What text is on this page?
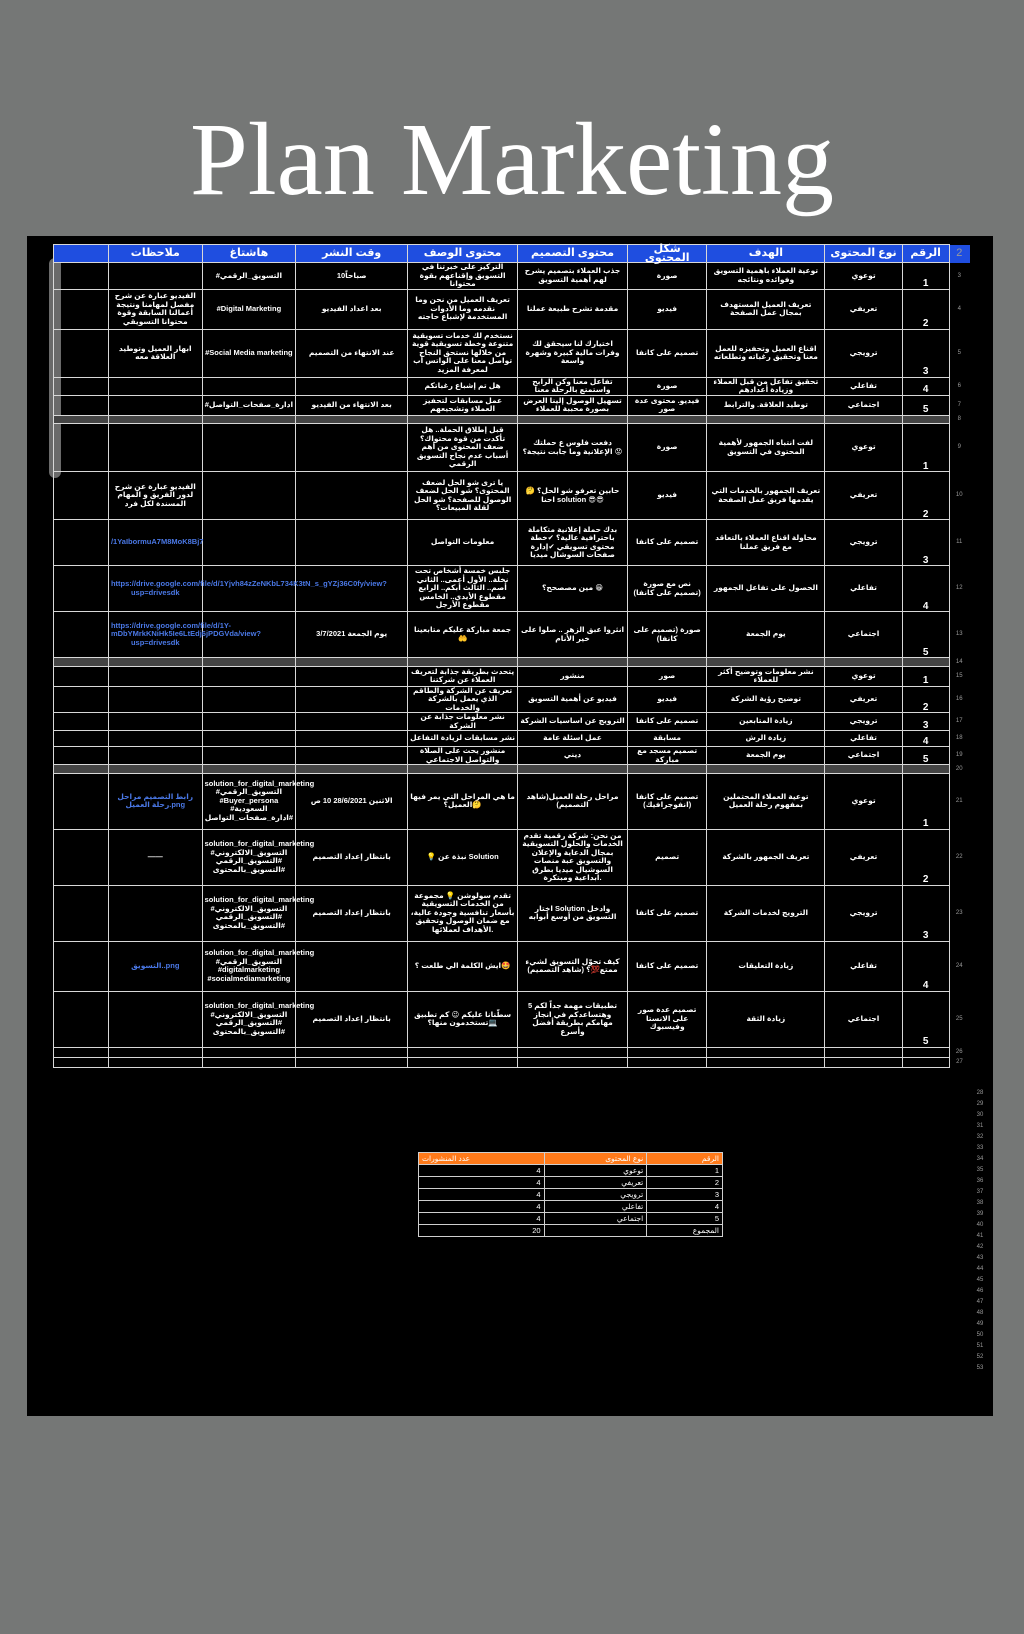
Plan Marketing
	ملاحظات	هاشتاغ	وقت النشر	محتوى الوصف	محتوى التصميم	شكل المحتوى	الهدف	نوع المحتوى	الرقم	2
		#التسويق_الرقمي	10صباحاً	التركيز على خبرتنا في التسويق وإقناعهم بقوة محتوانا	جذب العملاء بتصميم يشرح لهم أهمية التسويق	صورة	توعية العملاء باهمية التسويق وفوائده ونتائجه	توعوي	1	3
	الفيديو عبارة عن شرح مفصل لمهامنا ونتيجة أعمالنا السابقة وقوة محتوانا التسويقي	#Digital Marketing	بعد اعداد الفيديو	تعريف العميل من نحن وما نقدمه وما الأدوات المستخدمة لإشباع حاجته	مقدمة تشرح طبيعة عملنا	فيديو	تعريف العميل المستهدف بمجال عمل الصفحة	تعريفي	2	4
	ابهار العميل وتوطيد العلاقة معه	#Social Media marketing	عند الانتهاء من التصميم	نستخدم لك خدمات تسويقية متنوعة وخطة تسويقية قوية من خلالها نستحق النجاح تواصل معنا على الواتس أب لمعرفة المزيد	اختيارك لنا سيحقق لك وفرات مالية كبيرة وشهرة واسعة	تصميم على كانفا	اقناع العميل وتحفيزه للعمل معنا وتحقيق رغباته وتطلعاته	ترويجي	3	5
				هل تم إشباع رغباتكم	تفاعل معنا وكن الرابح واستمتع بالرحلة معنا	صورة	تحقيق تفاعل من قبل العملاء وزيادة أعدادهم	تفاعلي	4	6
		#ادارة_صفحات_التواصل	بعد الانتهاء من الفيديو	عمل مسابقات لتحفيز العملاء وتشجيعهم	تسهيل الوصول إلينا العرض بصورة محببة للعملاء	فيديو. محتوى عدة صور	توطيد العلاقة. والترابط	اجتماعي	5	7
										8
				قبل إطلاق الحملة.. هل تأكدت من قوة محتواك؟ ضعف المحتوى من أهم أسباب عدم نجاح التسويق الرقمي	دفعت فلوس ع حملتك الإعلانية وما جابت نتيجة؟ 😟	صورة	لفت انتباه الجمهور لأهمية المحتوى في التسويق	توعوي	1	9
	الفيديو عبارة عن شرح لدور الفريق و المهام المسندة لكل فرد			يا ترى شو الحل لضعف المحتوى؟ شو الحل لضعف الوصول للصفحة؟ شو الحل لقلة المبيعات؟	حابين تعرفو شو الحل؟ 🤔 احنا solution 😎😎	فيديو	تعريف الجمهور بالخدمات التي يقدمها فريق عمل الصفحة	تعريفي	2	10
	/1YaIbormuA7M8MoK8Bj7			معلومات التواصل	بدك حملة إعلانية متكاملة باحترافية عالية؟ ✔خطة محتوى تسويقي ✔إدارة صفحات السوشال ميديا	تصميم على كانفا	محاولة اقناع العملاء بالتعاقد مع فريق عملنا	ترويجي	3	11
	https://drive.google.com/file/d/1Yjvh84zZeNKbL734K3tN_s_gYZj36C0fy/view?usp=drivesdk			جلبس خمسة أشخاص تحت نخلة.. الأول أعمى.. الثاني أصم.. الثالث أبكم.. الرابع مقطوع الأيدي.. الخامس مقطوع الأرجل	مين مصصحح؟ 😁	نص مع صورة (تصميم على كانفا)	الحصول على تفاعل الجمهور	تفاعلي	4	12
	https://drive.google.com/file/d/1Y-mDbYMrkKNiHk5Ie6LtEdj6jPDGVda/view?usp=drivesdk		يوم الجمعة 3/7/2021	جمعة مباركة عليكم متابعينا 🤲	انثروا عبق الزهر .. صلوا على خير الأنام	صورة (تصميم على كانفا)	يوم الجمعة	اجتماعي	5	13
										14
				يتحدث بطريقة جذابة لتعريف العملاء عن شركتنا	منشور	صور	نشر معلومات وتوضيح أكثر للعملاء	توعوي	1	15
				تعريف عن الشركة والطاقم الذي يعمل بالشركة والخدمات	فيديو عن أهمية التسويق	فيديو	توضيح رؤية الشركة	تعريفي	2	16
				نشر معلومات جذابة عن الشركة	الترويج عن اساسيات الشركة	تصميم على كانفا	زيادة المتابعين	ترويجي	3	17
				نشر مسابقات لزيادة التفاعل	عمل اسئلة عامة	مسابقة	زيادة الرش	تفاعلي	4	18
				منشور يحث على الصلاة والتواصل الاجتماعي	ديني	تصميم مسجد مع مباركة	يوم الجمعة	اجتماعي	5	19
										20
	رابط التصميم مراحل رحلة العميل.png	solution_for_digital_marketing #التسويق_الرقمي #Buyer_persona #السعودية #ادارة_صفحات_التواصل	الاثنين 28/6/2021 10 ص	ما هي المراحل التي يمر فيها العميل؟🤔	مراحل رحلة العميل(شاهد التصميم)	تصميم على كانفا (انفوجرافيك)	توعية العملاء المحتملين بمفهوم رحلة العميل	توعوي	1	21
	——	solution_for_digital_marketing #التسويق_الالكتروني #التسويق_الرقمي #التسويق_بالمحتوى	بانتظار إعداد التصميم	💡 نبذة عن Solution	من نحن: شركة رقمية تقدم الخدمات والحلول التسويقية بمجال الدعاية والإعلان والتسويق عبة منصات السوشيال ميديا بطرق ابداعية ومبتكرة.	تصميم	تعريف الجمهور بالشركة	تعريفي	2	22
		solution_for_digital_marketing #التسويق_الالكتروني #التسويق_الرقمي #التسويق_بالمحتوى	بانتظار إعداد التصميم	تقدم سولوشن 💡 مجموعة من الخدمات التسويقية بأسعار تنافسية وجودة عالية، مع ضمان الوصول وتحقيق الأهداف لعملائها.	اختار Solution وادخل التسويق من أوسع أبوابه	تصميم على كانفا	الترويج لخدمات الشركة	ترويجي	3	23
	التسويق..png	solution_for_digital_marketing #التسويق_الرقمي #digitalmarketing #socialmediamarketing		ايش الكلمة الي طلعت ؟🤩	كيف تحوّل التسويق لشيء ممتع💯؟ (شاهد التصميم)	تصميم على كانفا	زيادة التعليقات	تفاعلي	4	24
		solution_for_digital_marketing #التسويق_الالكتروني #التسويق_الرقمي #التسويق_بالمحتوى	بانتظار إعداد التصميم	سطّنانا عليكم 😉 كم تطبيق تستخدمون منها؟💻	5 تطبيقات مهمة جداً لكم وهتساعدكم في انجاز مهامكم بطريقة أفضل وأسرع	تصميم عدة صور على الانستا وفيسبوك	زيادة الثقة	اجتماعي	5	25
										26
										27
عدد المنشورات	نوع المحتوى	الرقم
4	توعوي	1
4	تعريفي	2
4	ترويجي	3
4	تفاعلي	4
4	اجتماعي	5
20		المجموع
28
29
30
31
32
33
34
35
36
37
38
39
40
41
42
43
44
45
46
47
48
49
50
51
52
53
